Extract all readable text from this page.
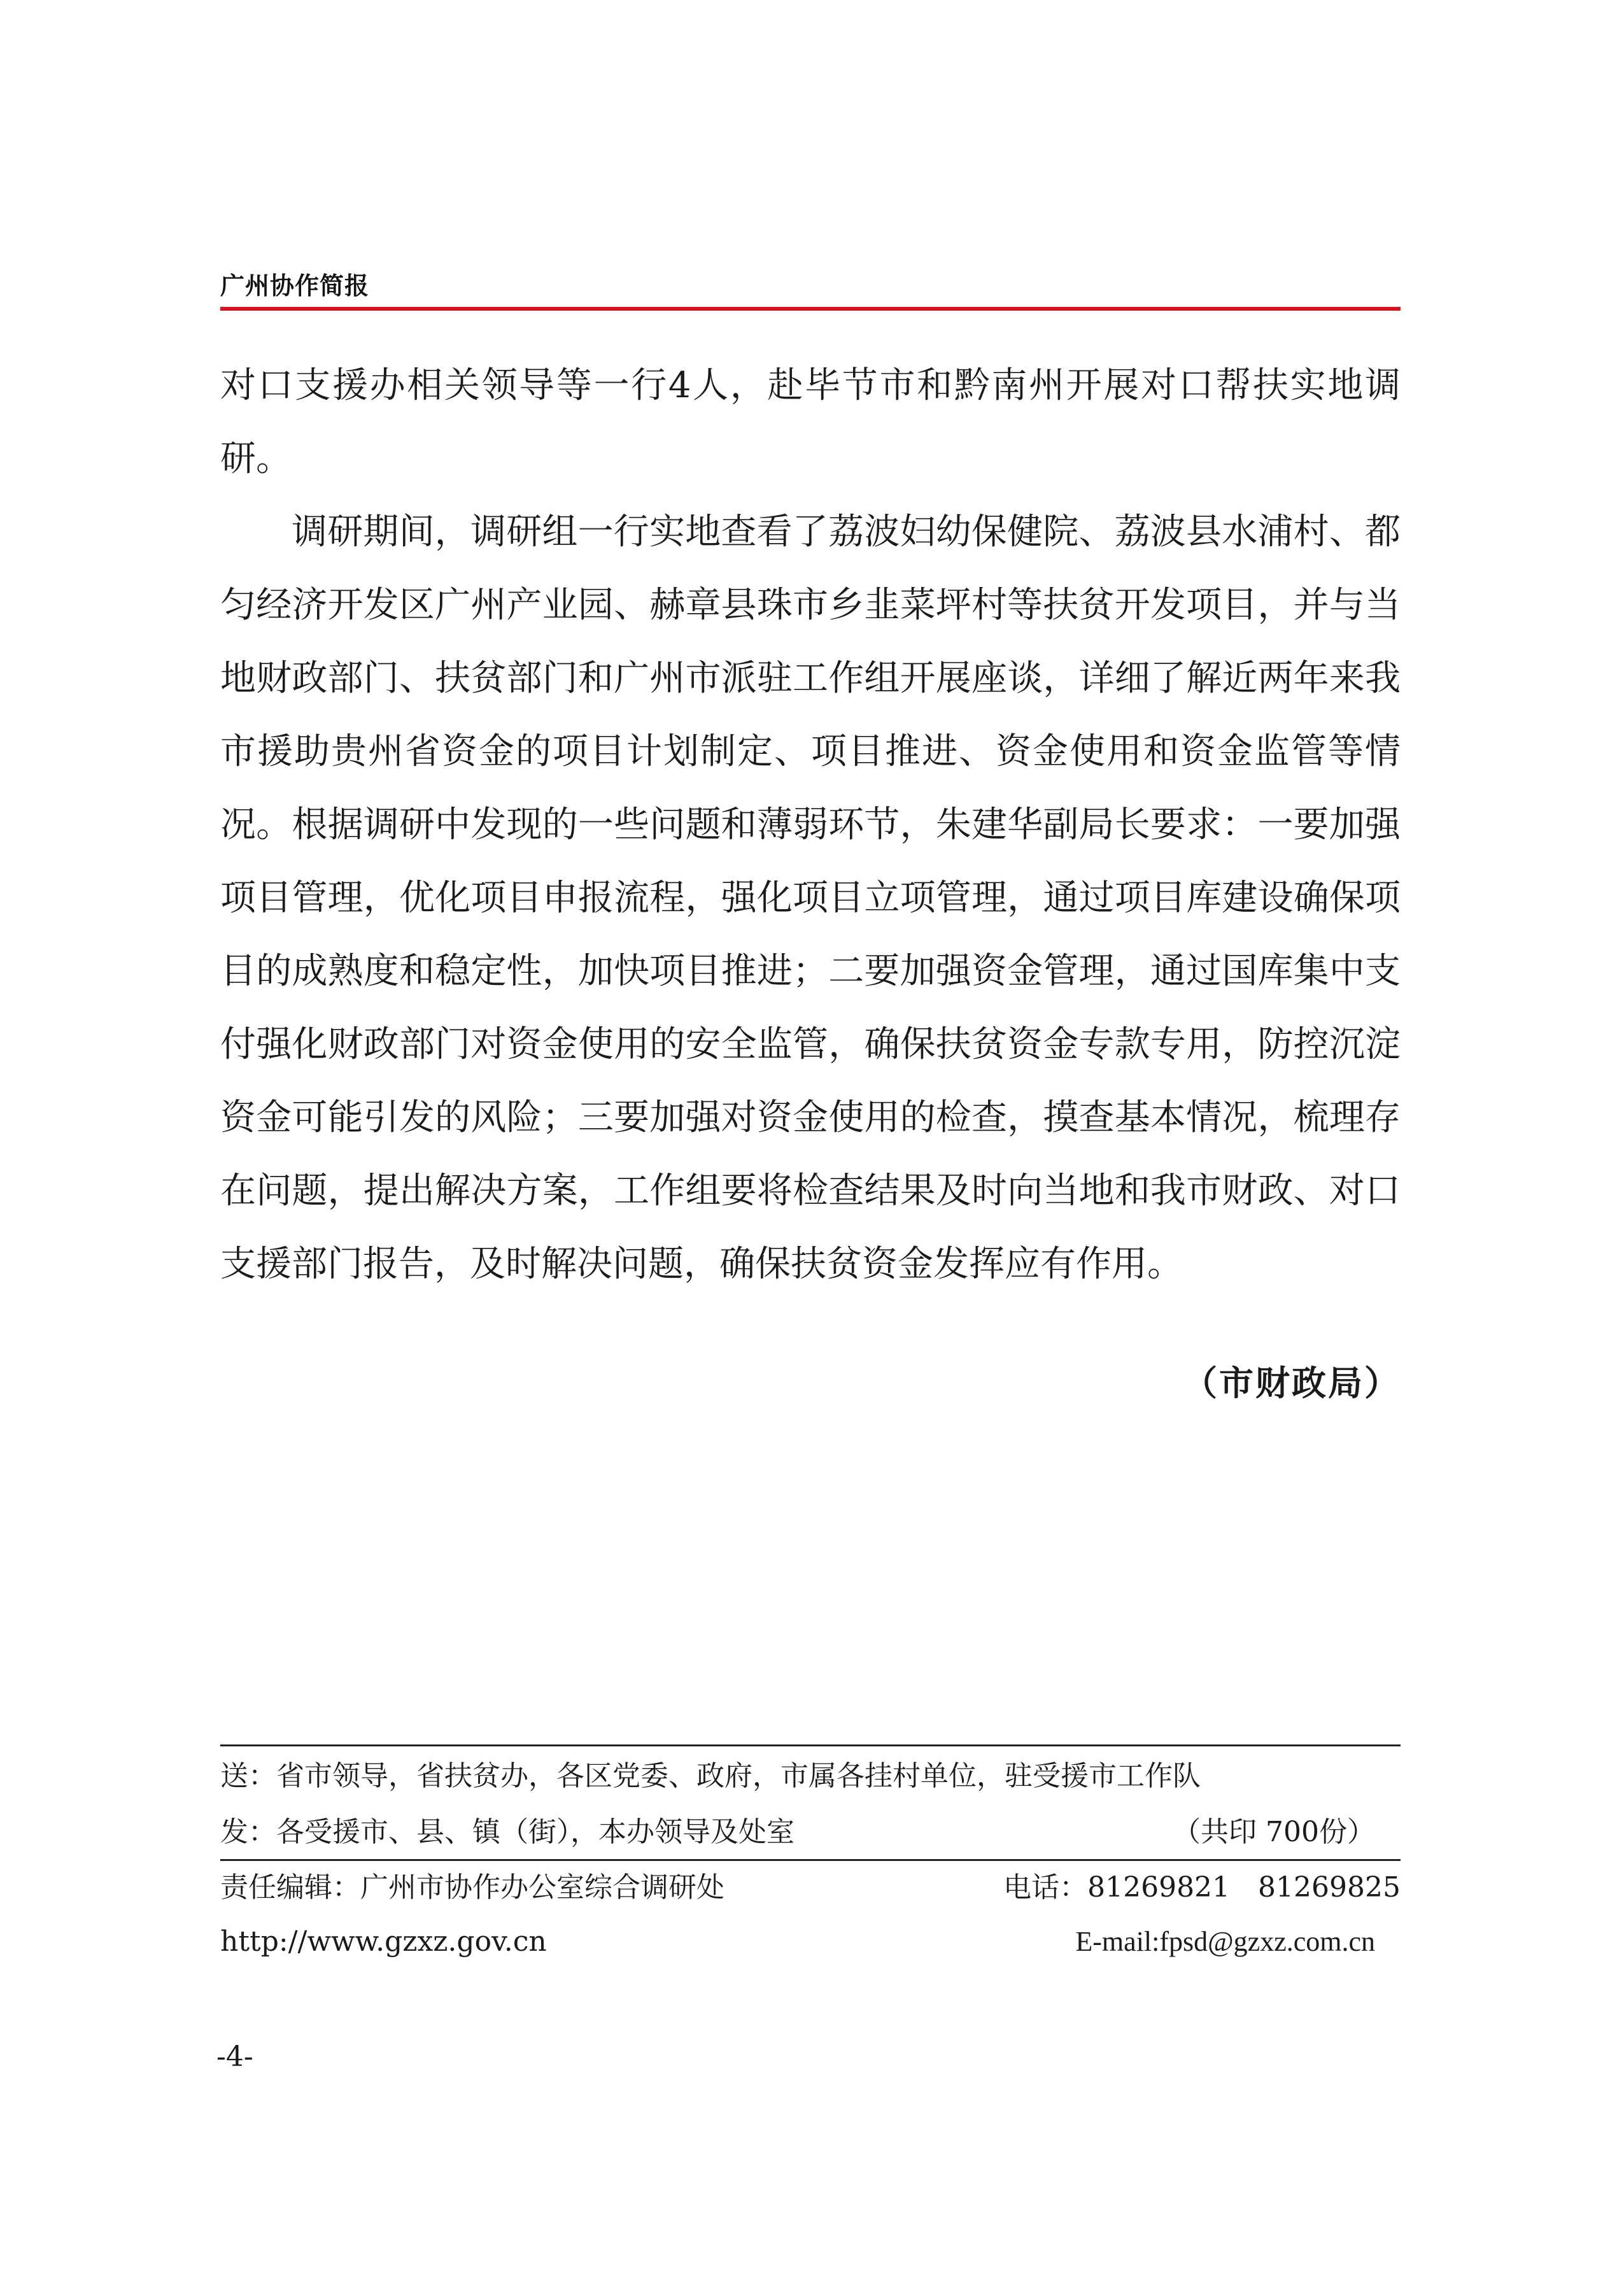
广州协作简报

对口支援办相关领导等一行4人，赴毕节市和黔南州开展对口帮扶实地调研。

调研期间，调研组一行实地查看了荔波妇幼保健院、荔波县水浦村、都匀经济开发区广州产业园、赫章县珠市乡韭菜坪村等扶贫开发项目，并与当地财政部门、扶贫部门和广州市派驻工作组开展座谈，详细了解近两年来我市援助贵州省资金的项目计划制定、项目推进、资金使用和资金监管等情况。根据调研中发现的一些问题和薄弱环节，朱建华副局长要求：一要加强项目管理，优化项目申报流程，强化项目立项管理，通过项目库建设确保项目的成熟度和稳定性，加快项目推进；二要加强资金管理，通过国库集中支付强化财政部门对资金使用的安全监管，确保扶贫资金专款专用，防控沉淀资金可能引发的风险；三要加强对资金使用的检查，摸查基本情况，梳理存在问题，提出解决方案，工作组要将检查结果及时向当地和我市财政、对口支援部门报告，及时解决问题，确保扶贫资金发挥应有作用。

（市财政局）
送：省市领导，省扶贫办，各区党委、政府，市属各挂村单位，驻受援市工作队
发：各受援市、县、镇（街），本办领导及处室	（共印 700份）
责任编辑：广州市协作办公室综合调研处	电话：81269821　81269825
http://www.gzxz.gov.cn	E-mail:fpsd@gzxz.com.cn
-4-
